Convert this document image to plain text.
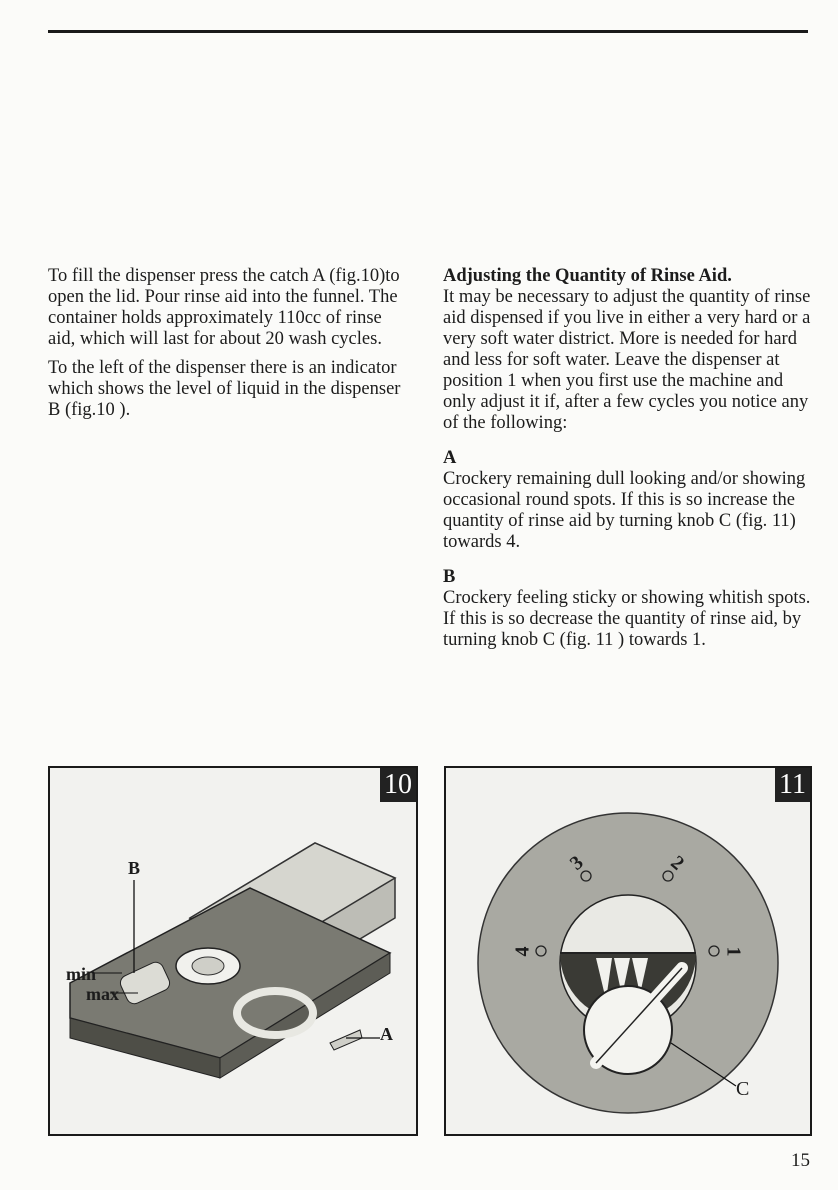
To fill the dispenser press the catch A (fig.10)to open the lid. Pour rinse aid into the funnel. The container holds approximately 110cc of rinse aid, which will last for about 20 wash cycles.

To the left of the dispenser there is an indicator which shows the level of liquid in the dispenser B (fig.10 ).

Adjusting the Quantity of Rinse Aid.

It may be necessary to adjust the quantity of rinse aid dispensed if you live in either a very hard or a very soft water district. More is needed for hard and less for soft water. Leave the dispenser at position 1 when you first use the machine and only adjust it if, after a few cycles you notice any of the following:

A

Crockery remaining dull looking and/or showing occasional round spots. If this is so increase the quantity of rinse aid by turning knob C (fig. 11) towards 4.

B

Crockery feeling sticky or showing whitish spots. If this is so decrease the quantity of rinse aid, by turning knob C (fig. 11 ) towards 1.

10
B
min
max
A
11
3	2
4	1
C
15
